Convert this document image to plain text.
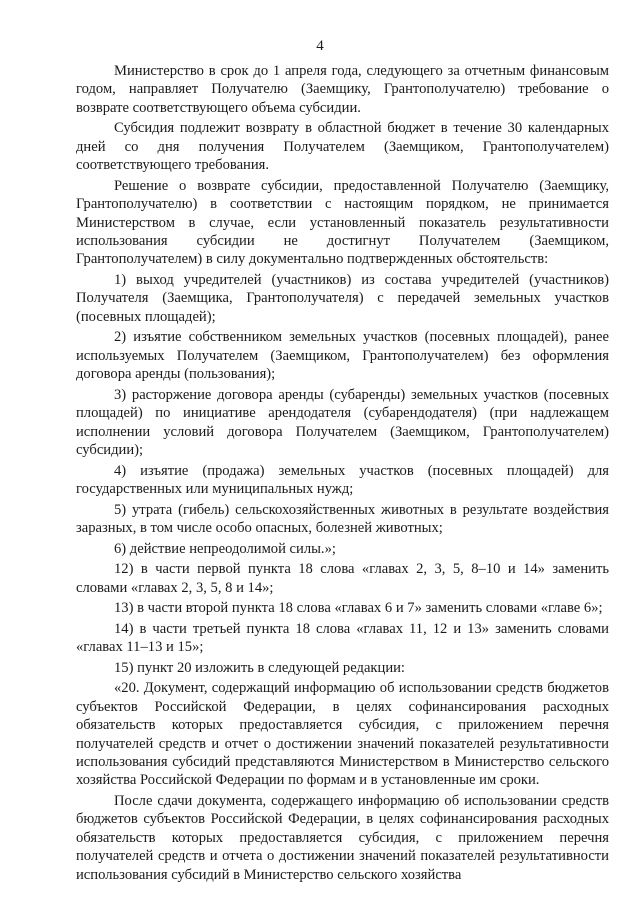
4

Министерство в срок до 1 апреля года, следующего за отчетным финансовым годом, направляет Получателю (Заемщику, Грантополучателю) требование о возврате соответствующего объема субсидии.

Субсидия подлежит возврату в областной бюджет в течение 30 календарных дней со дня получения Получателем (Заемщиком, Грантополучателем) соответствующего требования.

Решение о возврате субсидии, предоставленной Получателю (Заемщику, Грантополучателю) в соответствии с настоящим порядком, не принимается Министерством в случае, если установленный показатель результативности использования субсидии не достигнут Получателем (Заемщиком, Грантополучателем) в силу документально подтвержденных обстоятельств:

1) выход учредителей (участников) из состава учредителей (участников) Получателя (Заемщика, Грантополучателя) с передачей земельных участков (посевных площадей);

2) изъятие собственником земельных участков (посевных площадей), ранее используемых Получателем (Заемщиком, Грантополучателем) без оформления договора аренды (пользования);

3) расторжение договора аренды (субаренды) земельных участков (посевных площадей) по инициативе арендодателя (субарендодателя) (при надлежащем исполнении условий договора Получателем (Заемщиком, Грантополучателем) субсидии);

4) изъятие (продажа) земельных участков (посевных площадей) для государственных или муниципальных нужд;

5) утрата (гибель) сельскохозяйственных животных в результате воздействия заразных, в том числе особо опасных, болезней животных;

6) действие непреодолимой силы.»;

12) в части первой пункта 18 слова «главах 2, 3, 5, 8–10 и 14» заменить словами «главах 2, 3, 5, 8 и 14»;

13) в части второй пункта 18 слова «главах 6 и 7» заменить словами «главе 6»;

14) в части третьей пункта 18 слова «главах 11, 12 и 13» заменить словами «главах 11–13 и 15»;

15) пункт 20 изложить в следующей редакции:

«20. Документ, содержащий информацию об использовании средств бюджетов субъектов Российской Федерации, в целях софинансирования расходных обязательств которых предоставляется субсидия, с приложением перечня получателей средств и отчет о достижении значений показателей результативности использования субсидий представляются Министерством в Министерство сельского хозяйства Российской Федерации по формам и в установленные им сроки.

После сдачи документа, содержащего информацию об использовании средств бюджетов субъектов Российской Федерации, в целях софинансирования расходных обязательств которых предоставляется субсидия, с приложением перечня получателей средств и отчета о достижении значений показателей результативности использования субсидий в Министерство сельского хозяйства
